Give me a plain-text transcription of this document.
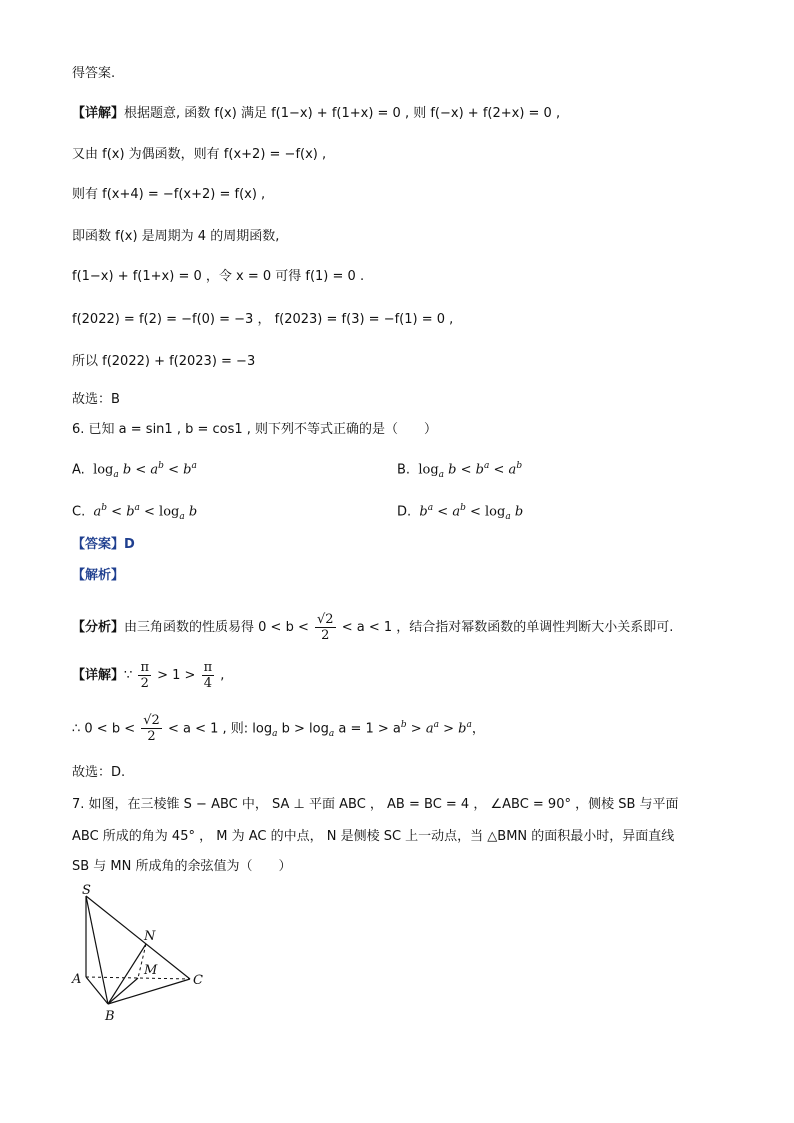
得答案.
【详解】根据题意, 函数 f(x) 满足 f(1−x) + f(1+x) = 0 , 则 f(−x) + f(2+x) = 0 ,
又由 f(x) 为偶函数，则有 f(x+2) = −f(x) ,
则有 f(x+4) = −f(x+2) = f(x) ,
即函数 f(x) 是周期为 4 的周期函数,
f(1−x) + f(1+x) = 0 ，令 x = 0 可得 f(1) = 0 .
f(2022) = f(2) = −f(0) = −3 ， f(2023) = f(3) = −f(1) = 0 ,
所以 f(2022) + f(2023) = −3
故选：B
6. 已知 a = sin1 , b = cos1 , 则下列不等式正确的是（　　）
A.  $\log_a b < a^b < b^a$	B.  $\log_a b < b^a < a^b$
C.  $a^b < b^a < \log_a b$	D.  $b^a < a^b < \log_a b$
【答案】D
【解析】
【分析】由三角函数的性质易得 $0 < b < \frac{√2}{2} < a < 1$ ，结合指对幂数函数的单调性判断大小关系即可.
【详解】∵ $\frac{\pi}{2} > 1 > \frac{\pi}{4}$ ,
∴ $0 < b < \frac{√2}{2} < a < 1$ , 则: $\log_a b > \log_a a = 1 > a^b > a^a > b^a$，
故选：D.
7. 如图，在三棱锥 S − ABC 中， SA ⊥ 平面 ABC ， AB = BC = 4 ， ∠ABC = 90° ，侧棱 SB 与平面
ABC 所成的角为 45° ， M 为 AC 的中点， N 是侧棱 SC 上一动点，当 △BMN 的面积最小时，异面直线
SB 与 MN 所成角的余弦值为（　　）
S
N
M
A
B
C
